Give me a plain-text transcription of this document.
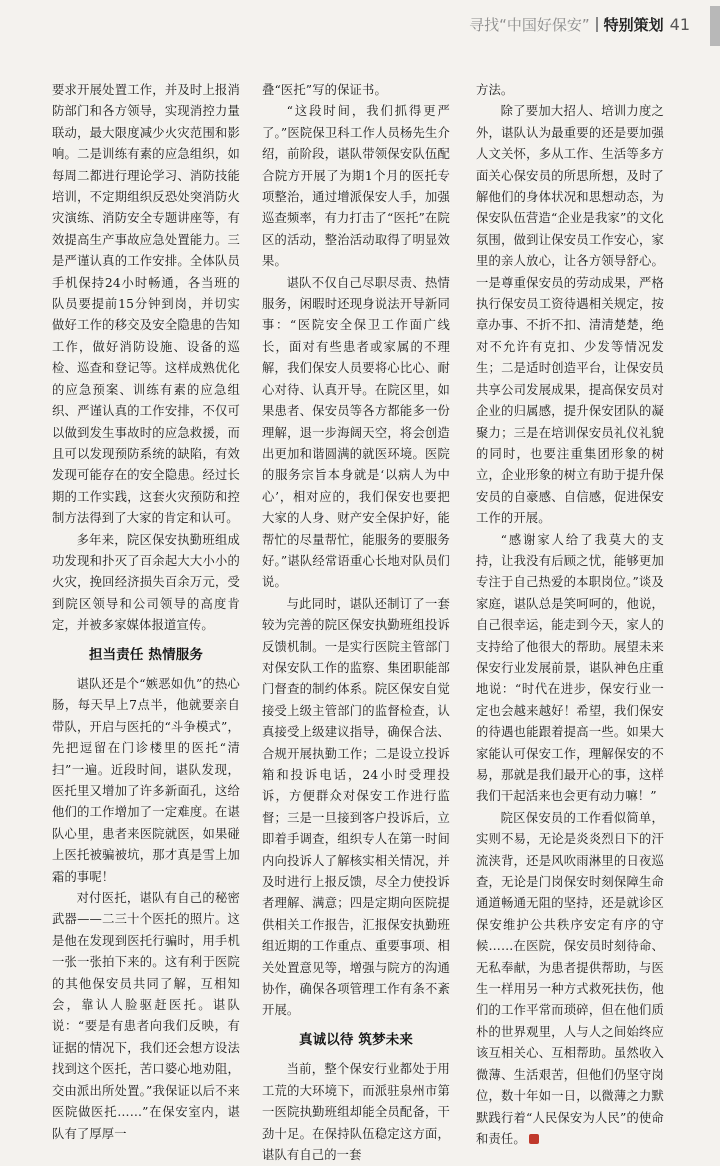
寻找“中国好保安” 特别策划 41

要求开展处置工作，并及时上报消防部门和各方领导，实现消控力量联动，最大限度减少火灾范围和影响。二是训练有素的应急组织，如每周二都进行理论学习、消防技能培训，不定期组织反恐处突消防火灾演练、消防安全专题讲座等，有效提高生产事故应急处置能力。三是严谨认真的工作安排。全体队员手机保持24小时畅通，各当班的队员要提前15分钟到岗，并切实做好工作的移交及安全隐患的告知工作，做好消防设施、设备的巡检、巡查和登记等。这样成熟优化的应急预案、训练有素的应急组织、严谨认真的工作安排，不仅可以做到发生事故时的应急救援，而且可以发现预防系统的缺陷，有效发现可能存在的安全隐患。经过长期的工作实践，这套火灾预防和控制方法得到了大家的肯定和认可。

多年来，院区保安执勤班组成功发现和扑灭了百余起大大小小的火灾，挽回经济损失百余万元，受到院区领导和公司领导的高度肯定，并被多家媒体报道宣传。

担当责任 热情服务

谌队还是个“嫉恶如仇”的热心肠，每天早上7点半，他就要亲自带队，开启与医托的“斗争模式”，先把逗留在门诊楼里的医托“清扫”一遍。近段时间，谌队发现，医托里又增加了许多新面孔，这给他们的工作增加了一定难度。在谌队心里，患者来医院就医，如果碰上医托被骗被坑，那才真是雪上加霜的事呢！

对付医托，谌队有自己的秘密武器——二三十个医托的照片。这是他在发现到医托行骗时，用手机一张一张拍下来的。这有利于医院的其他保安员共同了解，互相知会，靠认人脸驱赶医托。谌队说：“要是有患者向我们反映，有证据的情况下，我们还会想方设法找到这个医托，苦口婆心地劝阻，交由派出所处置。”我保证以后不来医院做医托……”在保安室内，谌队有了厚厚一

叠“医托”写的保证书。

“这段时间，我们抓得更严了。”医院保卫科工作人员杨先生介绍，前阶段，谌队带领保安队伍配合院方开展了为期1个月的医托专项整治，通过增派保安人手，加强巡查频率，有力打击了“医托”在院区的活动，整治活动取得了明显效果。

谌队不仅自己尽职尽责、热情服务，闲暇时还现身说法开导新同事：“医院安全保卫工作面广线长，面对有些患者或家属的不理解，我们保安人员要将心比心、耐心对待、认真开导。在院区里，如果患者、保安员等各方都能多一份理解，退一步海阔天空，将会创造出更加和谐圆满的就医环境。医院的服务宗旨本身就是‘以病人为中心’，相对应的，我们保安也要把大家的人身、财产安全保护好，能帮忙的尽量帮忙，能服务的要服务好。”谌队经常语重心长地对队员们说。

与此同时，谌队还制订了一套较为完善的院区保安执勤班组投诉反馈机制。一是实行医院主管部门对保安队工作的监察、集团职能部门督查的制约体系。院区保安自觉接受上级主管部门的监督检查，认真接受上级建议指导，确保合法、合规开展执勤工作；二是设立投诉箱和投诉电话，24小时受理投诉，方便群众对保安工作进行监督；三是一旦接到客户投诉后，立即着手调查，组织专人在第一时间内向投诉人了解核实相关情况，并及时进行上报反馈，尽全力使投诉者理解、满意；四是定期向医院提供相关工作报告，汇报保安执勤班组近期的工作重点、重要事项、相关处置意见等，增强与院方的沟通协作，确保各项管理工作有条不紊开展。

真诚以待 筑梦未来

当前，整个保安行业都处于用工荒的大环境下，而派驻泉州市第一医院执勤班组却能全员配备，干劲十足。在保持队伍稳定这方面，谌队有自己的一套

方法。

除了要加大招人、培训力度之外，谌队认为最重要的还是要加强人文关怀，多从工作、生活等多方面关心保安员的所思所想，及时了解他们的身体状况和思想动态，为保安队伍营造“企业是我家”的文化氛围，做到让保安员工作安心，家里的亲人放心，让各方领导舒心。一是尊重保安员的劳动成果，严格执行保安员工资待遇相关规定，按章办事、不折不扣、清清楚楚，绝对不允许有克扣、少发等情况发生；二是适时创造平台，让保安员共享公司发展成果，提高保安员对企业的归属感，提升保安团队的凝聚力；三是在培训保安员礼仪礼貌的同时，也要注重集团形象的树立，企业形象的树立有助于提升保安员的自豪感、自信感，促进保安工作的开展。

“感谢家人给了我莫大的支持，让我没有后顾之忧，能够更加专注于自己热爱的本职岗位。”谈及家庭，谌队总是笑呵呵的，他说，自己很幸运，能走到今天，家人的支持给了他很大的帮助。展望未来保安行业发展前景，谌队神色庄重地说：“时代在进步，保安行业一定也会越来越好！希望，我们保安的待遇也能跟着提高一些。如果大家能认可保安工作，理解保安的不易，那就是我们最开心的事，这样我们干起活来也会更有动力嘛！”

院区保安员的工作看似简单，实则不易，无论是炎炎烈日下的汗流浃背，还是风吹雨淋里的日夜巡查，无论是门岗保安时刻保障生命通道畅通无阻的坚持，还是就诊区保安维护公共秩序安定有序的守候……在医院，保安员时刻待命、无私奉献，为患者提供帮助，与医生一样用另一种方式救死扶伤，他们的工作平常而琐碎，但在他们质朴的世界观里，人与人之间始终应该互相关心、互相帮助。虽然收入微薄、生活艰苦，但他们仍坚守岗位，数十年如一日，以微薄之力默默践行着“人民保安为人民”的使命和责任。
